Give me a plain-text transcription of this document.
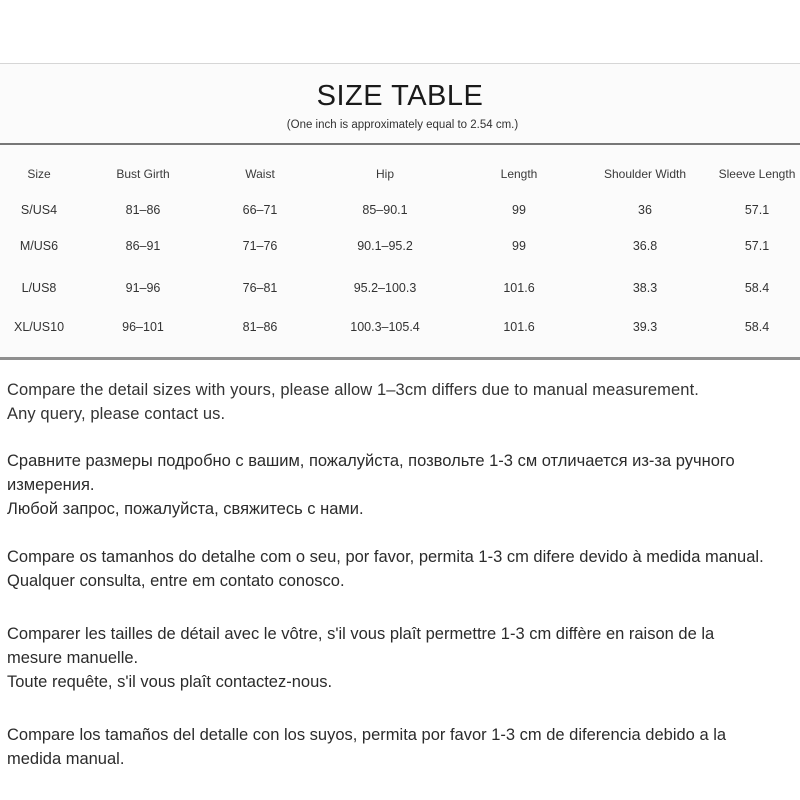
SIZE TABLE
(One inch is approximately equal to 2.54 cm.)
Size	Bust Girth	Waist	Hip	Length	Shoulder Width	Sleeve Length
S/US4	81–86	66–71	85–90.1	99	36	57.1
M/US6	86–91	71–76	90.1–95.2	99	36.8	57.1
L/US8	91–96	76–81	95.2–100.3	101.6	38.3	58.4
XL/US10	96–101	81–86	100.3–105.4	101.6	39.3	58.4
Compare the detail sizes with yours, please allow 1–3cm differs due to manual measurement.
Any query, please contact us.
Сравните размеры подробно с вашим, пожалуйста, позвольте 1-3 см отличается из-за ручного
измерения.
Любой запрос, пожалуйста, свяжитесь с нами.
Compare os tamanhos do detalhe com o seu, por favor, permita 1-3 cm difere devido à medida manual.
Qualquer consulta, entre em contato conosco.
Comparer les tailles de détail avec le vôtre, s'il vous plaît permettre 1-3 cm diffère en raison de la
mesure manuelle.
Toute requête, s'il vous plaît contactez-nous.
Compare los tamaños del detalle con los suyos, permita por favor 1-3 cm de diferencia debido a la
medida manual.
